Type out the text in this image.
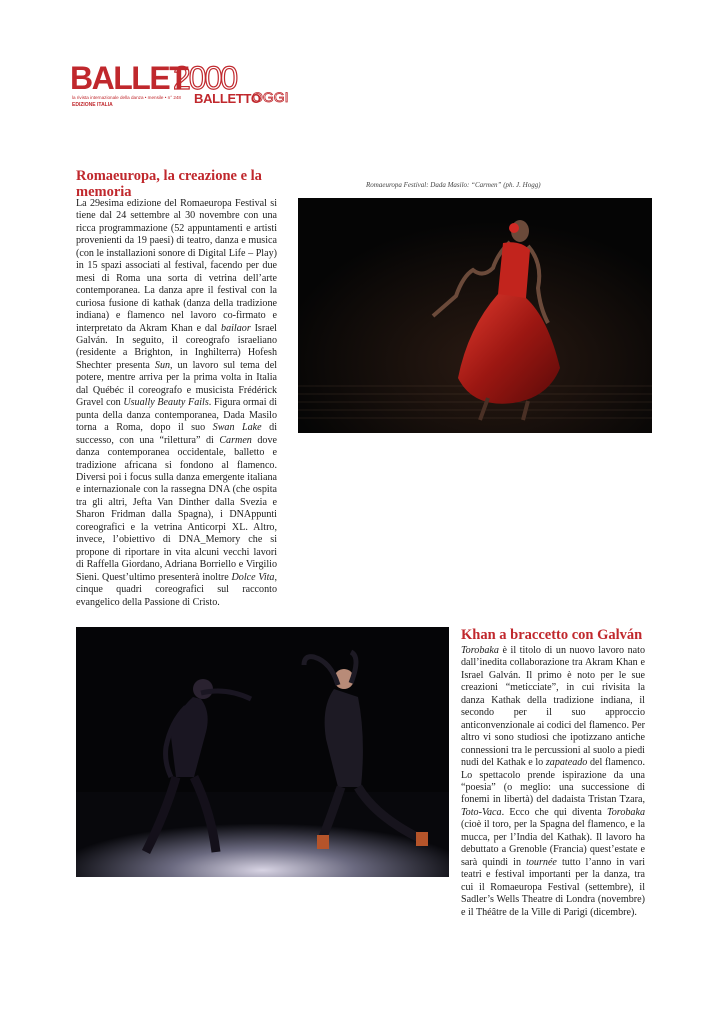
BALLET
2000
BALLETTO
OGGI
la rivista internazionale della danza • mensile • n° 248
EDIZIONE ITALIA
Romaeuropa, la creazione e la memoria	Romaeuropa Festival: Dada Masilo: “Carmen” (ph. J. Hogg)
La 29esima edizione del Romaeuropa Festival si tiene dal 24 settembre al 30 novembre con una ricca programmazione (52 appuntamenti e artisti provenienti da 19 paesi) di teatro, danza e musica (con le installazioni sonore di Digital Life – Play) in 15 spazi associati al festival, facendo per due mesi di Roma una sorta di vetrina dell’arte contemporanea. La danza apre il festival con la curiosa fusione di kathak (danza della tradizione indiana) e flamenco nel lavoro co-firmato e interpretato da Akram Khan e dal bailaor Israel Galván. In seguito, il coreografo israeliano (residente a Brighton, in Inghilterra) Hofesh Shechter presenta Sun, un lavoro sul tema del potere, mentre arriva per la prima volta in Italia dal Québéc il coreografo e musicista Frédérick Gravel con Usually Beauty Fails. Figura ormai di punta della danza contemporanea, Dada Masilo torna a Roma, dopo il suo Swan Lake di successo, con una “rilettura” di Carmen dove danza contemporanea occidentale, balletto e tradizione africana si fondono al flamenco. Diversi poi i focus sulla danza emergente italiana e internazionale con la rassegna DNA (che ospita tra gli altri, Jefta Van Dinther dalla Svezia e Sharon Fridman dalla Spagna), i DNAppunti coreografici e la vetrina Anticorpi XL. Altro, invece, l’obiettivo di DNA_Memory che si propone di riportare in vita alcuni vecchi lavori di Raffella Giordano, Adriana Borriello e Virgilio Sieni. Quest’ultimo presenterà inoltre Dolce Vita, cinque quadri coreografici sul racconto evangelico della Passione di Cristo.
Khan a braccetto con Galván
Torobaka è il titolo di un nuovo lavoro nato dall’inedita collaborazione tra Akram Khan e Israel Galván. Il primo è noto per le sue creazioni “meticciate”, in cui rivisita la danza Kathak della tradizione indiana, il secondo per il suo approccio anticonvenzionale ai codici del flamenco. Per altro vi sono studiosi che ipotizzano antiche connessioni tra le percussioni al suolo a piedi nudi del Kathak e lo zapateado del flamenco. Lo spettacolo prende ispirazione da una “poesia” (o meglio: una successione di fonemi in libertà) del dadaista Tristan Tzara, Toto-Vaca. Ecco che qui diventa Torobaka (cioè il toro, per la Spagna del flamenco, e la mucca, per l’India del Kathak). Il lavoro ha debuttato a Grenoble (Francia) quest’estate e sarà quindi in tournée tutto l’anno in vari teatri e festival importanti per la danza, tra cui il Romaeuropa Festival (settembre), il Sadler’s Wells Theatre di Londra (novembre) e il Théâtre de la Ville di Parigi (dicembre).
